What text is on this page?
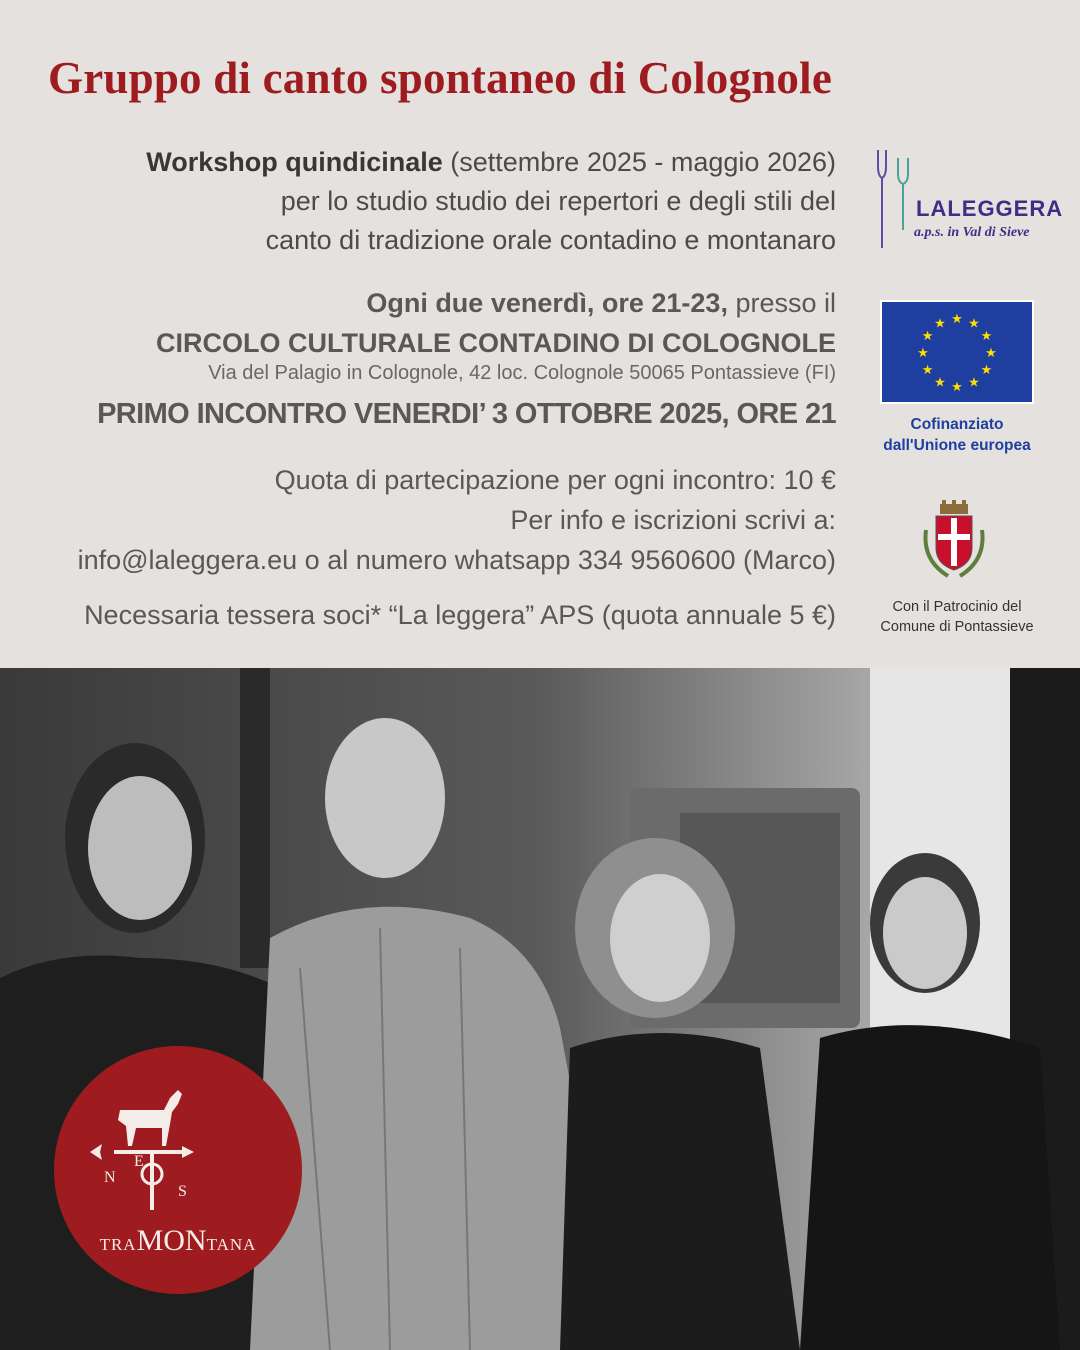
Gruppo di canto spontaneo di Colognole
Workshop quindicinale (settembre 2025 - maggio 2026)
per lo studio studio dei repertori e degli stili del
canto di tradizione orale contadino e montanaro
Ogni due venerdì, ore 21-23, presso il
CIRCOLO CULTURALE CONTADINO DI COLOGNOLE
Via del Palagio in Colognole, 42 loc. Colognole 50065 Pontassieve (FI)
PRIMO INCONTRO VENERDI’ 3 OTTOBRE 2025, ORE 21
Quota di partecipazione per ogni incontro: 10 €
Per info e iscrizioni scrivi a:
info@laleggera.eu o al numero whatsapp 334 9560600 (Marco)
Necessaria tessera soci* “La leggera” APS (quota annuale 5 €)
LALEGGERA
a.p.s. in Val di Sieve
★ ★
★
★
★
★
★
★
★
★
★
★
Cofinanziato
dall'Unione europea
Con il Patrocinio del
Comune di Pontassieve
N
E
S
TRAMONTANA
